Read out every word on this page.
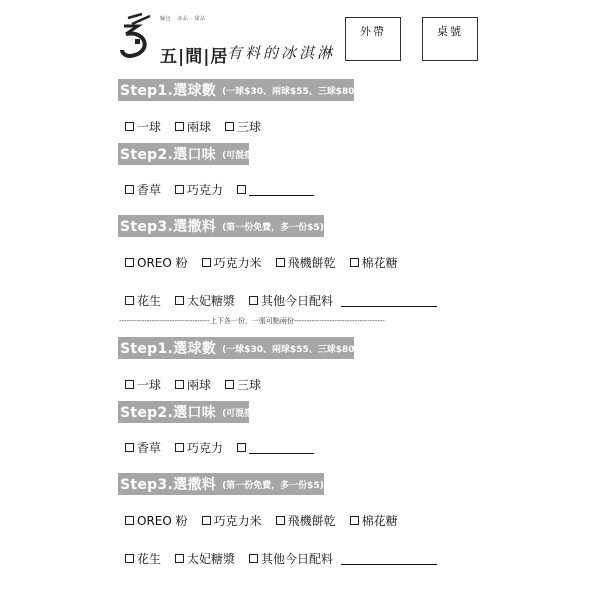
麵包 · 冰品 · 甜品
五|間|居
有料的冰淇淋
外帶	桌號
Step1.選球數 (一球$30、兩球$55、三球$80)
一球 兩球 三球
Step2.選口味 (可混搭)
香草 巧克力
Step3.選撒料 (第一份免費，多一份$5)
OREO 粉 巧克力米 飛機餅乾 棉花糖
花生 太妃糖漿 其他今日配料
------------------------------------上下各一份，一張可點兩份------------------------------------
Step1.選球數 (一球$30、兩球$55、三球$80)
一球 兩球 三球
Step2.選口味 (可混搭)
香草 巧克力
Step3.選撒料 (第一份免費，多一份$5)
OREO 粉 巧克力米 飛機餅乾 棉花糖
花生 太妃糖漿 其他今日配料
